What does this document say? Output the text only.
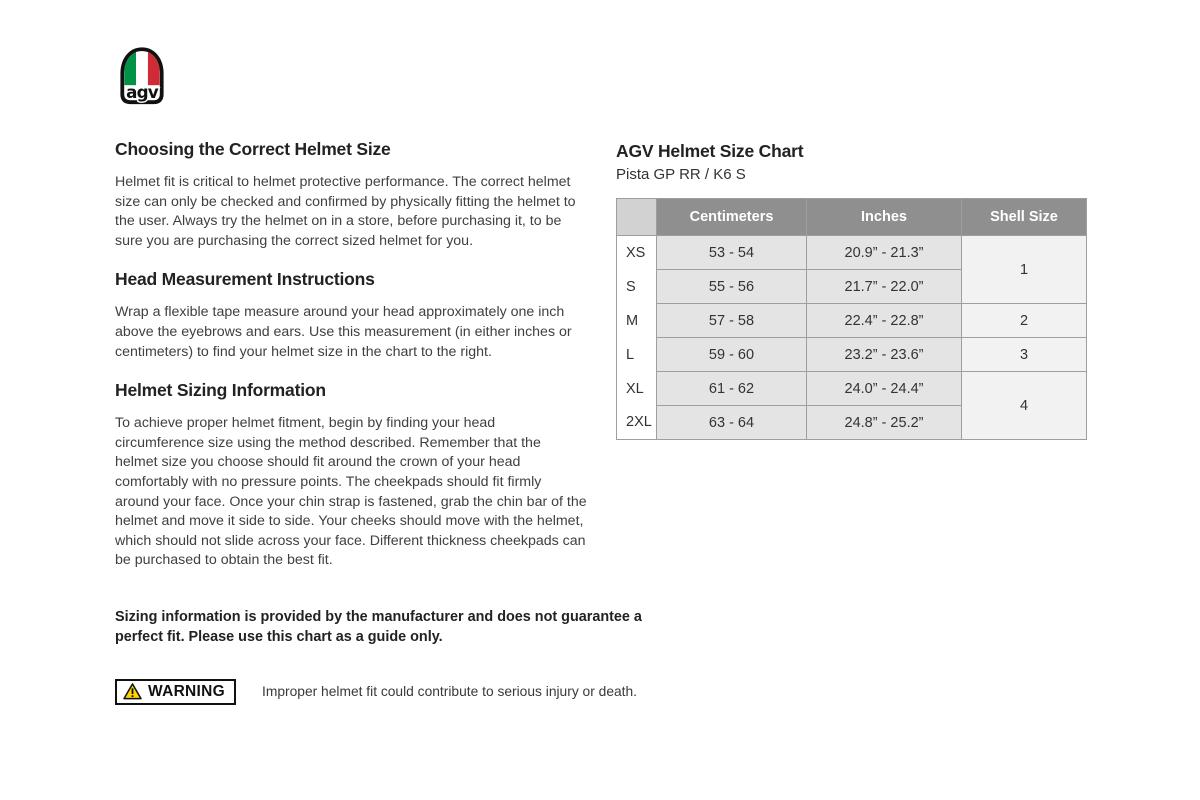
agv
Choosing the Correct Helmet Size

Helmet fit is critical to helmet protective performance. The correct helmet size can only be checked and confirmed by physically fitting the helmet to the user. Always try the helmet on in a store, before purchasing it, to be sure you are purchasing the correct sized helmet for you.

Head Measurement Instructions

Wrap a flexible tape measure around your head approximately one inch above the eyebrows and ears. Use this measurement (in either inches or centimeters) to find your helmet size in the chart to the right.

Helmet Sizing Information

To achieve proper helmet fitment, begin by finding your head circumference size using the method described. Remember that the helmet size you choose should fit around the crown of your head comfortably with no pressure points. The cheekpads should fit firmly around your face. Once your chin strap is fastened, grab the chin bar of the helmet and move it side to side. Your cheeks should move with the helmet, which should not slide across your face. Different thickness cheekpads can be purchased to obtain the best fit.

Sizing information is provided by the manufacturer and does not guarantee a perfect fit. Please use this chart as a guide only.

WARNING	Improper helmet fit could contribute to serious injury or death.
AGV Helmet Size Chart

Pista GP RR / K6 S

	Centimeters	Inches	Shell Size
XS	53 - 54	20.9” - 21.3”	1
S	55 - 56	21.7” - 22.0”	
M	57 - 58	22.4” - 22.8”	2
L	59 - 60	23.2” - 23.6”	3
XL	61 - 62	24.0” - 24.4”	4
2XL	63 - 64	24.8” - 25.2”	
